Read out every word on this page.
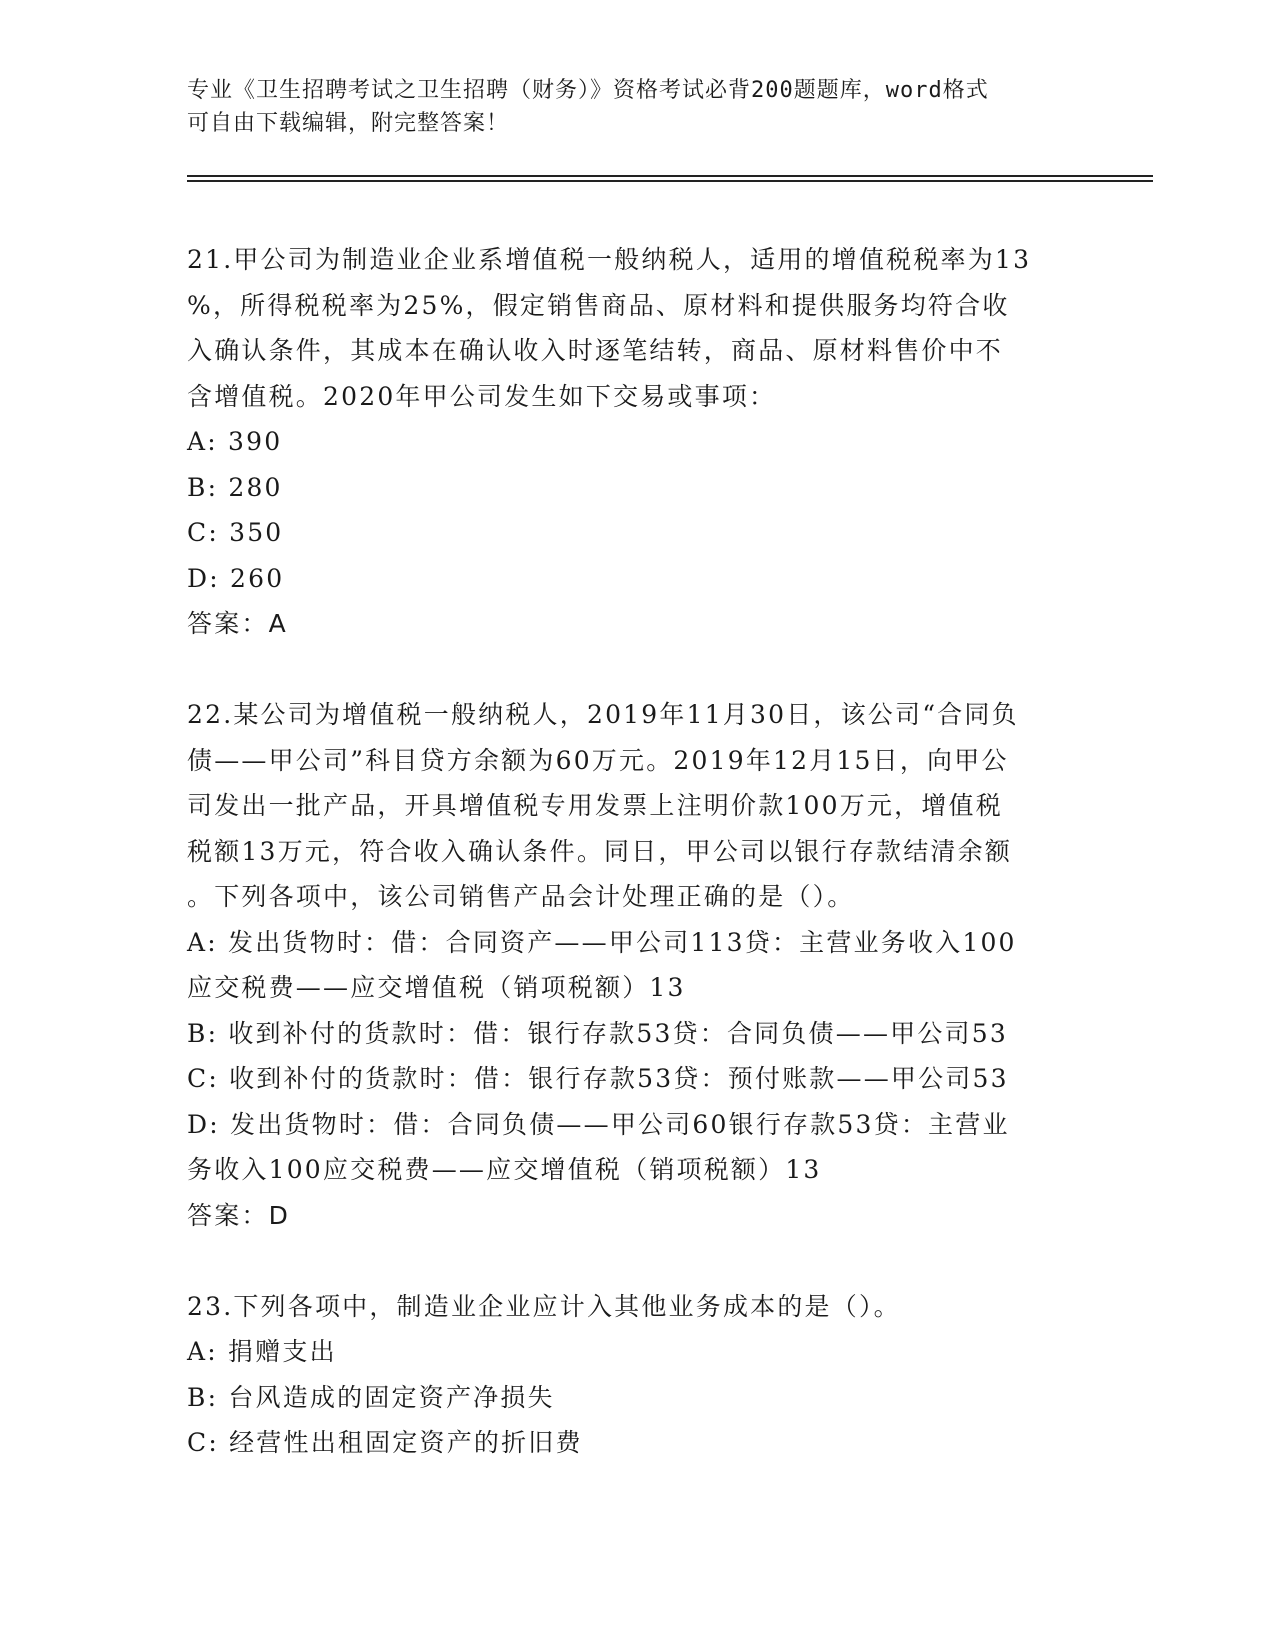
专业《卫生招聘考试之卫生招聘（财务）》资格考试必背200题题库，word格式
可自由下载编辑，附完整答案！
21.甲公司为制造业企业系增值税一般纳税人，适用的增值税税率为13
%，所得税税率为25%，假定销售商品、原材料和提供服务均符合收
入确认条件，其成本在确认收入时逐笔结转，商品、原材料售价中不
含增值税。2020年甲公司发生如下交易或事项：
A: 390
B: 280
C: 350
D: 260
答案：A
22.某公司为增值税一般纳税人，2019年11月30日，该公司“合同负
债——甲公司”科目贷方余额为60万元。2019年12月15日，向甲公
司发出一批产品，开具增值税专用发票上注明价款100万元，增值税
税额13万元，符合收入确认条件。同日，甲公司以银行存款结清余额
。下列各项中，该公司销售产品会计处理正确的是（）。
A: 发出货物时：借：合同资产——甲公司113贷：主营业务收入100
应交税费——应交增值税（销项税额）13
B: 收到补付的货款时：借：银行存款53贷：合同负债——甲公司53
C: 收到补付的货款时：借：银行存款53贷：预付账款——甲公司53
D: 发出货物时：借：合同负债——甲公司60银行存款53贷：主营业
务收入100应交税费——应交增值税（销项税额）13
答案：D
23.下列各项中，制造业企业应计入其他业务成本的是（）。
A: 捐赠支出
B: 台风造成的固定资产净损失
C: 经营性出租固定资产的折旧费
